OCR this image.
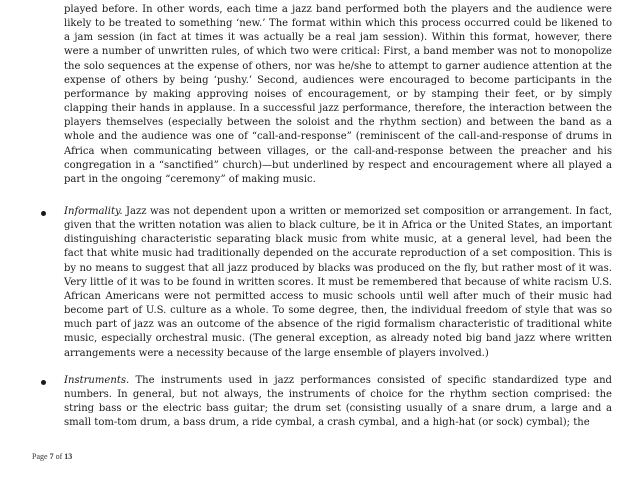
played before. In other words, each time a jazz band performed both the players and the audience were likely to be treated to something ‘new.’ The format within which this process occurred could be likened to a jam session (in fact at times it was actually be a real jam session). Within this format, however, there were a number of unwritten rules, of which two were critical: First, a band member was not to monopolize the solo sequences at the expense of others, nor was he/she to attempt to garner audience attention at the expense of others by being ‘pushy.’ Second, audiences were encouraged to become participants in the performance by making approving noises of encouragement, or by stamping their feet, or by simply clapping their hands in applause. In a successful jazz performance, therefore, the interaction between the players themselves (especially between the soloist and the rhythm section) and between the band as a whole and the audience was one of “call-and-response” (reminiscent of the call-and-response of drums in Africa when communicating between villages, or the call-and-response between the preacher and his congregation in a “sanctified” church)—but underlined by respect and encouragement where all played a part in the ongoing “ceremony” of making music.

Informality. Jazz was not dependent upon a written or memorized set composition or arrangement. In fact, given that the written notation was alien to black culture, be it in Africa or the United States, an important distinguishing characteristic separating black music from white music, at a general level, had been the fact that white music had traditionally depended on the accurate reproduction of a set composition. This is by no means to suggest that all jazz produced by blacks was produced on the fly, but rather most of it was. Very little of it was to be found in written scores. It must be remembered that because of white racism U.S. African Americans were not permitted access to music schools until well after much of their music had become part of U.S. culture as a whole. To some degree, then, the individual freedom of style that was so much part of jazz was an outcome of the absence of the rigid formalism characteristic of traditional white music, especially orchestral music. (The general exception, as already noted big band jazz where written arrangements were a necessity because of the large ensemble of players involved.)

Instruments. The instruments used in jazz performances consisted of specific standardized type and numbers. In general, but not always, the instruments of choice for the rhythm section comprised: the string bass or the electric bass guitar; the drum set (consisting usually of a snare drum, a large and a small tom-tom drum, a bass drum, a ride cymbal, a crash cymbal, and a high-hat (or sock) cymbal); the

Page 7 of 13
